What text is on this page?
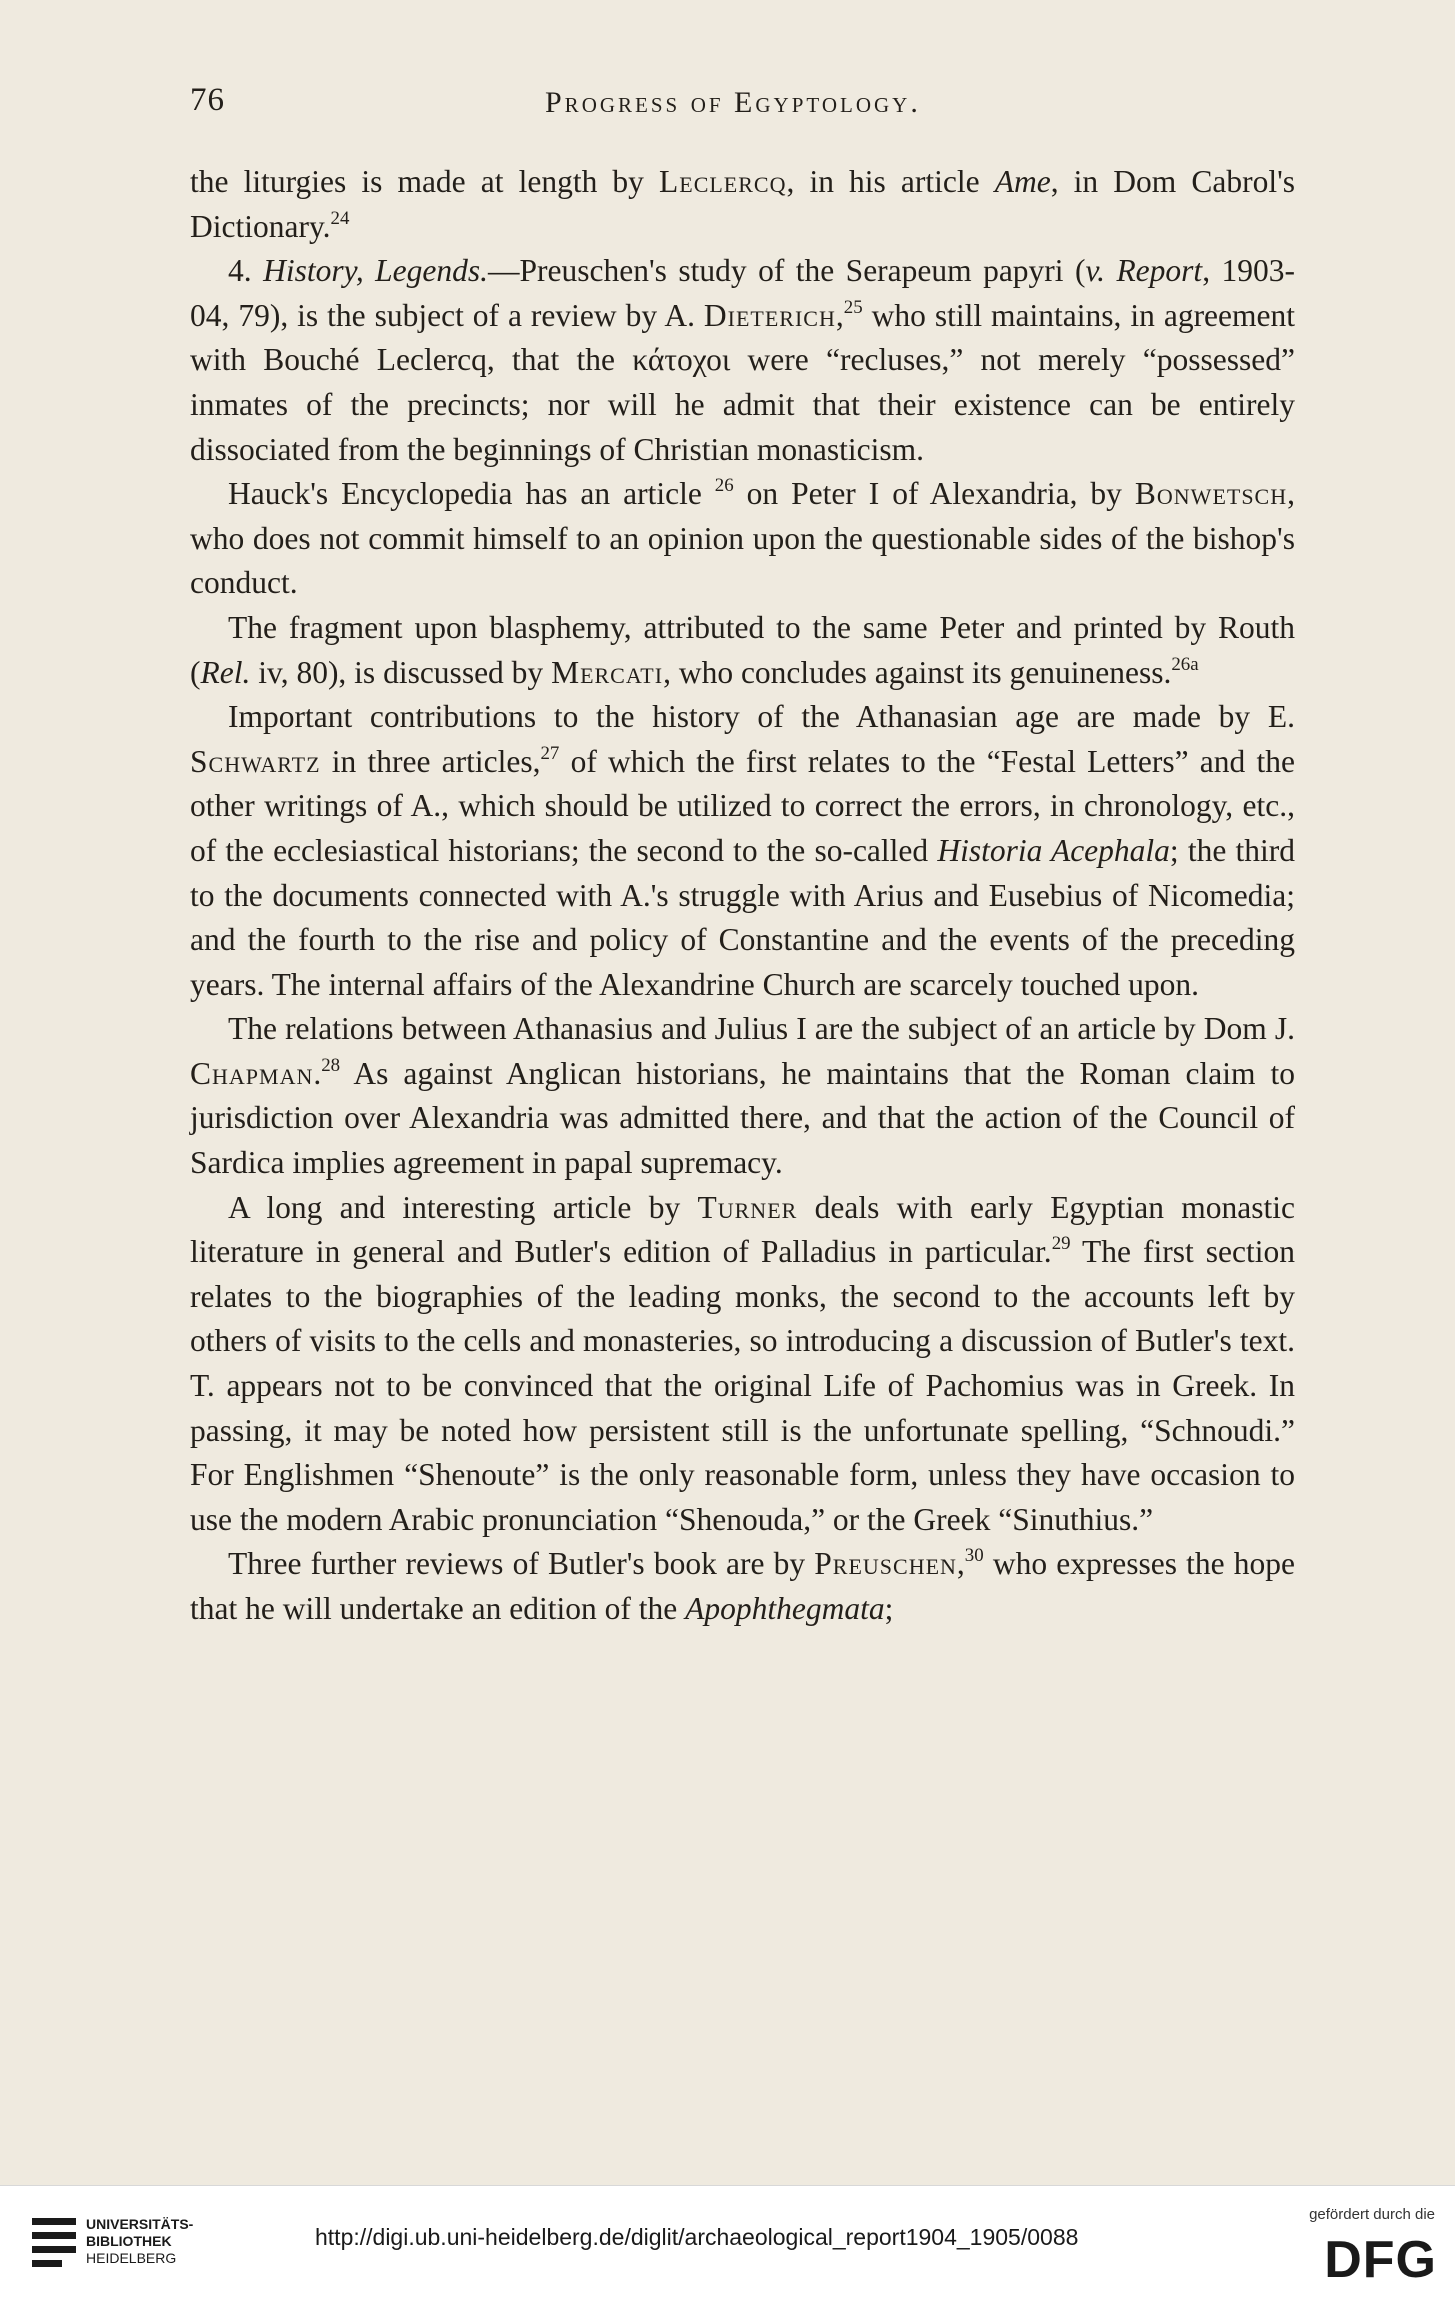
76	Progress of Egyptology.

the liturgies is made at length by Leclercq, in his article Ame, in Dom Cabrol's Dictionary.$^{24}$

4. History, Legends.—Preuschen's study of the Serapeum papyri (v. Report, 1903-04, 79), is the subject of a review by A. Dieterich,$^{25}$ who still maintains, in agreement with Bouché Leclercq, that the κάτοχοι were “recluses,” not merely “possessed” inmates of the precincts; nor will he admit that their existence can be entirely dissociated from the beginnings of Christian monasticism.

Hauck's Encyclopedia has an article $^{26}$ on Peter I of Alexandria, by Bonwetsch, who does not commit himself to an opinion upon the questionable sides of the bishop's conduct.

The fragment upon blasphemy, attributed to the same Peter and printed by Routh (Rel. iv, 80), is discussed by Mercati, who concludes against its genuineness.$^{26a}$

Important contributions to the history of the Athanasian age are made by E. Schwartz in three articles,$^{27}$ of which the first relates to the “Festal Letters” and the other writings of A., which should be utilized to correct the errors, in chronology, etc., of the ecclesiastical historians; the second to the so-called Historia Acephala; the third to the documents connected with A.'s struggle with Arius and Eusebius of Nicomedia; and the fourth to the rise and policy of Constantine and the events of the preceding years. The internal affairs of the Alexandrine Church are scarcely touched upon.

The relations between Athanasius and Julius I are the subject of an article by Dom J. Chapman.$^{28}$ As against Anglican historians, he maintains that the Roman claim to jurisdiction over Alexandria was admitted there, and that the action of the Council of Sardica implies agreement in papal supremacy.

A long and interesting article by Turner deals with early Egyptian monastic literature in general and Butler's edition of Palladius in particular.$^{29}$ The first section relates to the biographies of the leading monks, the second to the accounts left by others of visits to the cells and monasteries, so introducing a discussion of Butler's text. T. appears not to be convinced that the original Life of Pachomius was in Greek. In passing, it may be noted how persistent still is the unfortunate spelling, “Schnoudi.” For Englishmen “Shenoute” is the only reasonable form, unless they have occasion to use the modern Arabic pronunciation “Shenouda,” or the Greek “Sinuthius.”

Three further reviews of Butler's book are by Preuschen,$^{30}$ who expresses the hope that he will undertake an edition of the Apophthegmata;

UNIVERSITÄTS-
BIBLIOTHEK
HEIDELBERG
http://digi.ub.uni-heidelberg.de/diglit/archaeological_report1904_1905/0088
gefördert durch die
DFG
